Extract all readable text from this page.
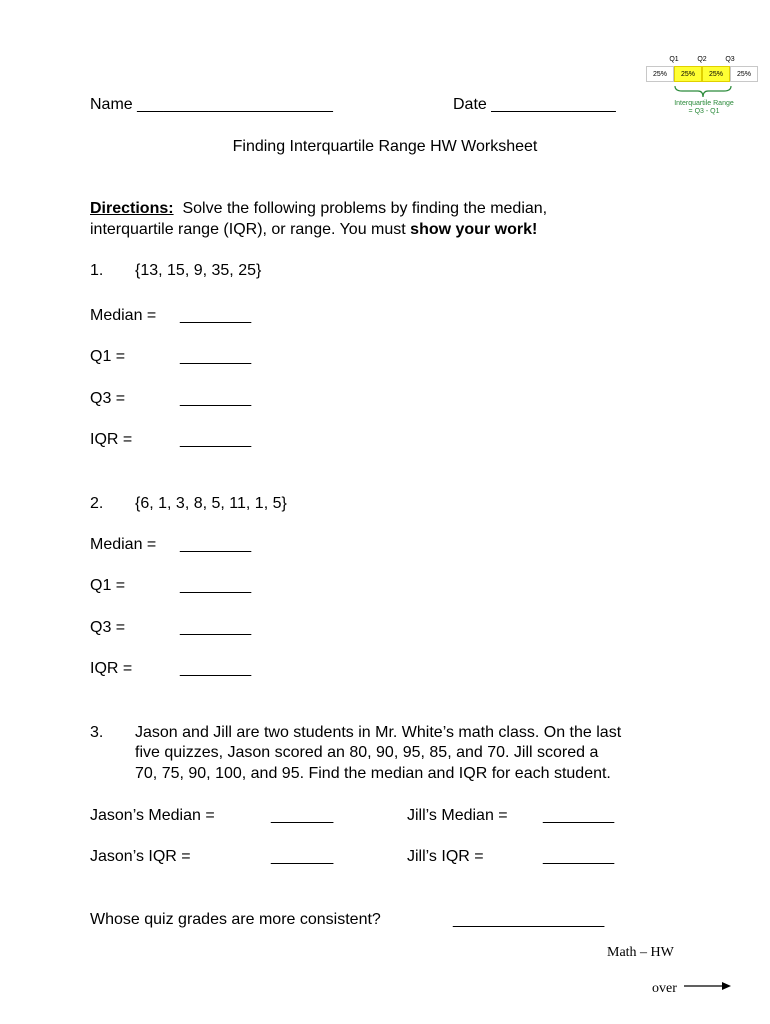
Q1	Q2	Q3
25%	25%	25%	25%
Interquartile Range
= Q3 - Q1
Name ______________________	Date ______________
Finding Interquartile Range HW Worksheet
Directions: Solve the following problems by finding the median,
interquartile range (IQR), or range. You must show your work!
1. {13, 15, 9, 35, 25}
Median = ________
Q1 =	________
Q3 =	________
IQR =	________
2. {6, 1, 3, 8, 5, 11, 1, 5}
Median = ________
Q1 =	________
Q3 =	________
IQR =	________
3. Jason and Jill are two students in Mr. White’s math class. On the last
five quizzes, Jason scored an 80, 90, 95, 85, and 70. Jill scored a
70, 75, 90, 100, and 95. Find the median and IQR for each student.
Jason’s Median =	_______	Jill’s Median = ________
Jason’s IQR =	_______	Jill’s IQR =	________
Whose quiz grades are more consistent?	_________________
Math – HW
over
